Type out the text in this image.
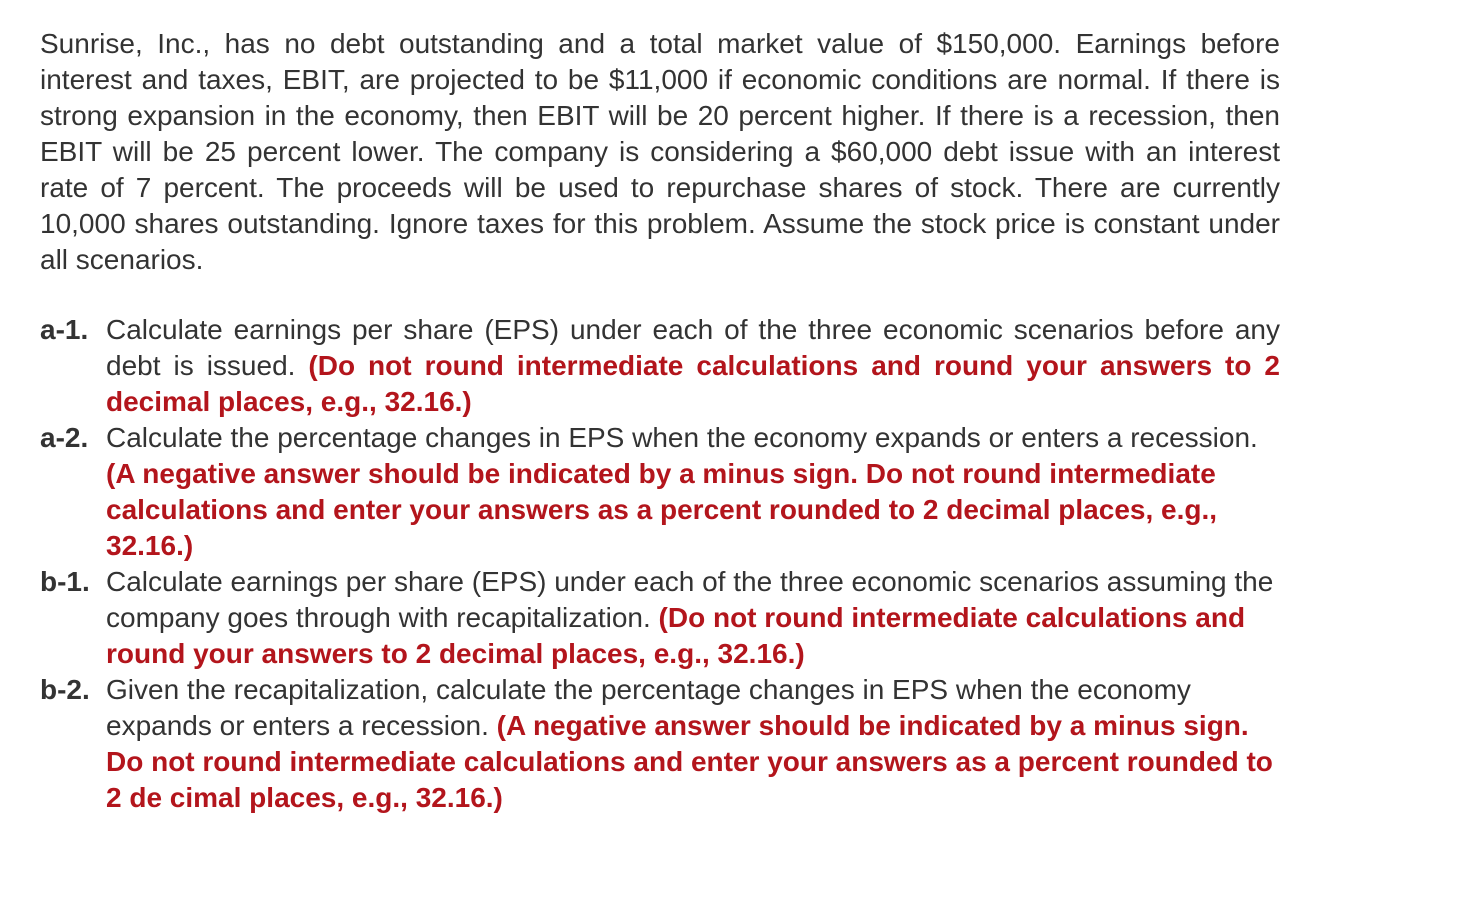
Sunrise, Inc., has no debt outstanding and a total market value of $150,000. Earnings before interest and taxes, EBIT, are projected to be $11,000 if economic conditions are normal. If there is strong expansion in the economy, then EBIT will be 20 percent higher. If there is a recession, then EBIT will be 25 percent lower. The company is considering a $60,000 debt issue with an interest rate of 7 percent. The proceeds will be used to repurchase shares of stock. There are currently 10,000 shares outstanding. Ignore taxes for this problem. Assume the stock price is constant under all scenarios.

a-1. Calculate earnings per share (EPS) under each of the three economic scenarios before any debt is issued. (Do not round intermediate calculations and round your answers to 2 decimal places, e.g., 32.16.)
a-2. Calculate the percentage changes in EPS when the economy expands or enters a recession. (A negative answer should be indicated by a minus sign. Do not round intermediate calculations and enter your answers as a percent rounded to 2 decimal places, e.g., 32.16.)
b-1. Calculate earnings per share (EPS) under each of the three economic scenarios assuming the company goes through with recapitalization. (Do not round intermediate calculations and round your answers to 2 decimal places, e.g., 32.16.)
b-2. Given the recapitalization, calculate the percentage changes in EPS when the economy expands or enters a recession. (A negative answer should be indicated by a minus sign. Do not round intermediate calculations and enter your answers as a percent rounded to 2 de cimal places, e.g., 32.16.)
